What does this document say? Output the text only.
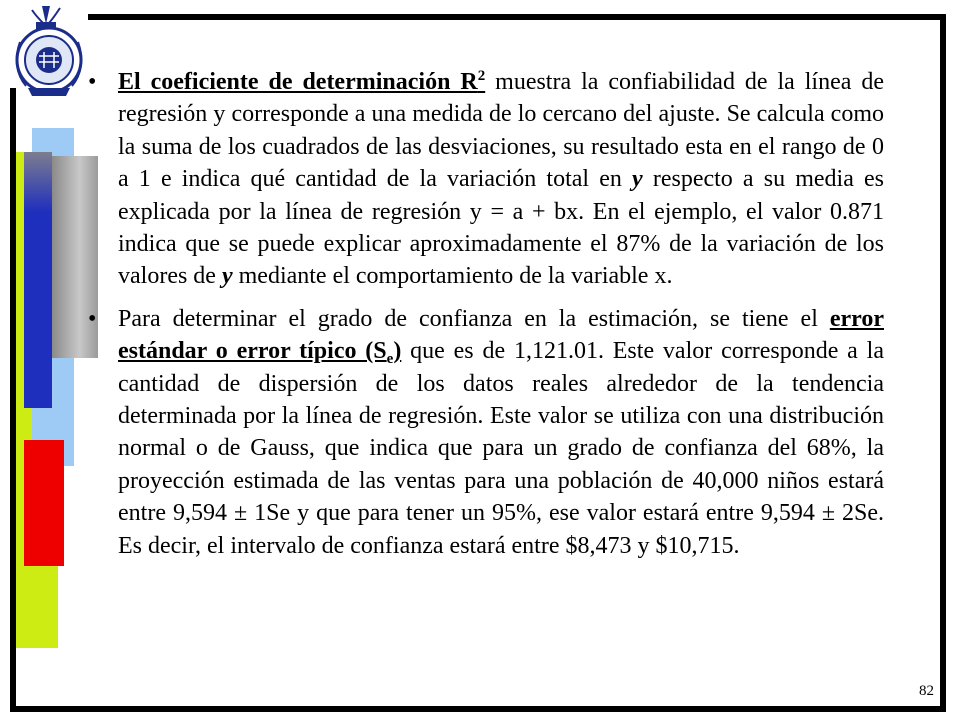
• El coeficiente de determinación $R^2$ muestra la confiabilidad de la línea de regresión y corresponde a una medida de lo cercano del ajuste. Se calcula como la suma de los cuadrados de las desviaciones, su resultado esta en el rango de 0 a 1 e indica qué cantidad de la variación total en y respecto a su media es explicada por la línea de regresión y = a + bx. En el ejemplo, el valor 0.871 indica que se puede explicar aproximadamente el 87% de la variación de los valores de y mediante el comportamiento de la variable x.

• Para determinar el grado de confianza en la estimación, se tiene el error estándar o error típico $(S_e)$ que es de 1,121.01. Este valor corresponde a la cantidad de dispersión de los datos reales alrededor de la tendencia determinada por la línea de regresión. Este valor se utiliza con una distribución normal o de Gauss, que indica que para un grado de confianza del 68%, la proyección estimada de las ventas para una población de 40,000 niños estará entre 9,594 ± 1Se y que para tener un 95%, ese valor estará entre 9,594 ± 2Se. Es decir, el intervalo de confianza estará entre $8,473 y $10,715.

82
